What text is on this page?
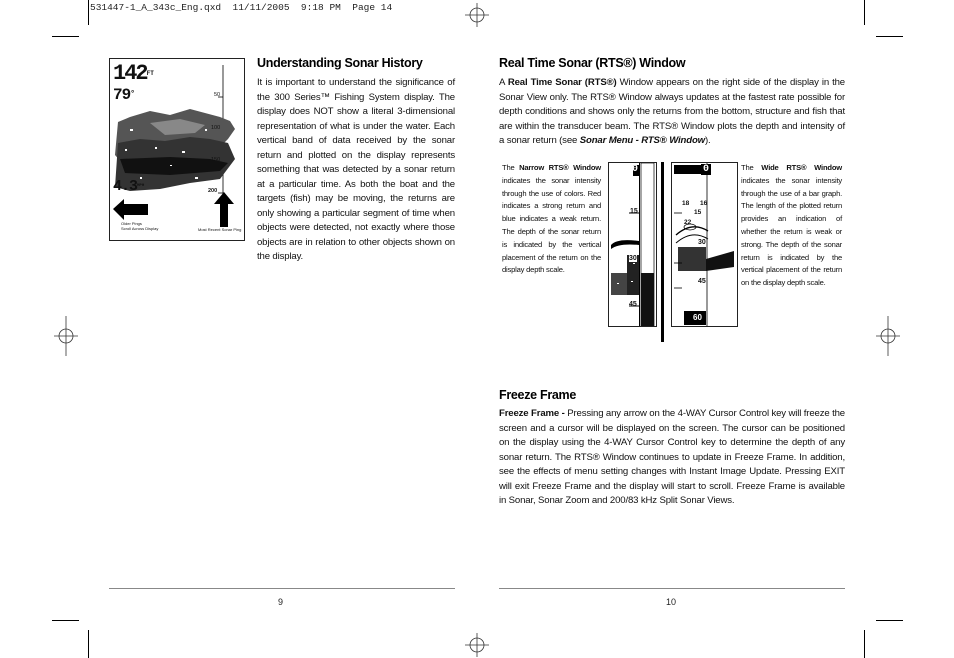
531447-1_A_343c_Eng.qxd  11/11/2005  9:18 PM  Page 14
$142^{FT}$
79°
$4.3^{MPH}$
50
100
150
200
Older Pings
Scroll Across Display	Most Recent Sonar Ping
Understanding Sonar History
It is important to understand the significance of the 300 Series™ Fishing System display. The display does NOT show a literal 3-dimensional representation of what is under the water. Each vertical band of data received by the sonar return and plotted on the display represents something that was detected by a sonar return at a particular time. As both the boat and the targets (fish) may be moving, the returns are only showing a particular segment of time when objects were detected, not exactly where those objects are in relation to other objects shown on the display.
9
Real Time Sonar (RTS®) Window
A Real Time Sonar (RTS®) Window appears on the right side of the display in the Sonar View only. The RTS® Window always updates at the fastest rate possible for depth conditions and shows only the returns from the bottom, structure and fish that are within the transducer beam. The RTS® Window plots the depth and intensity of a sonar return (see Sonar Menu - RTS® Window).
The Narrow RTS® Window indicates the sonar intensity through the use of colors. Red indicates a strong return and blue indicates a weak return. The depth of the sonar return is indicated by the vertical placement of the return on the display depth scale.
0
15
30
45
0
18 16
22
15
30
45
60
The Wide RTS® Window indicates the sonar intensity through the use of a bar graph. The length of the plotted return provides an indication of whether the return is weak or strong. The depth of the sonar return is indicated by the vertical placement of the return on the display depth scale.
Freeze Frame
Freeze Frame - Pressing any arrow on the 4-WAY Cursor Control key will freeze the screen and a cursor will be displayed on the screen. The cursor can be positioned on the display using the 4-WAY Cursor Control key to determine the depth of any sonar return. The RTS® Window continues to update in Freeze Frame. In addition, see the effects of menu setting changes with Instant Image Update. Pressing EXIT will exit Freeze Frame and the display will start to scroll. Freeze Frame is available in Sonar, Sonar Zoom and 200/83 kHz Split Sonar Views.
10
